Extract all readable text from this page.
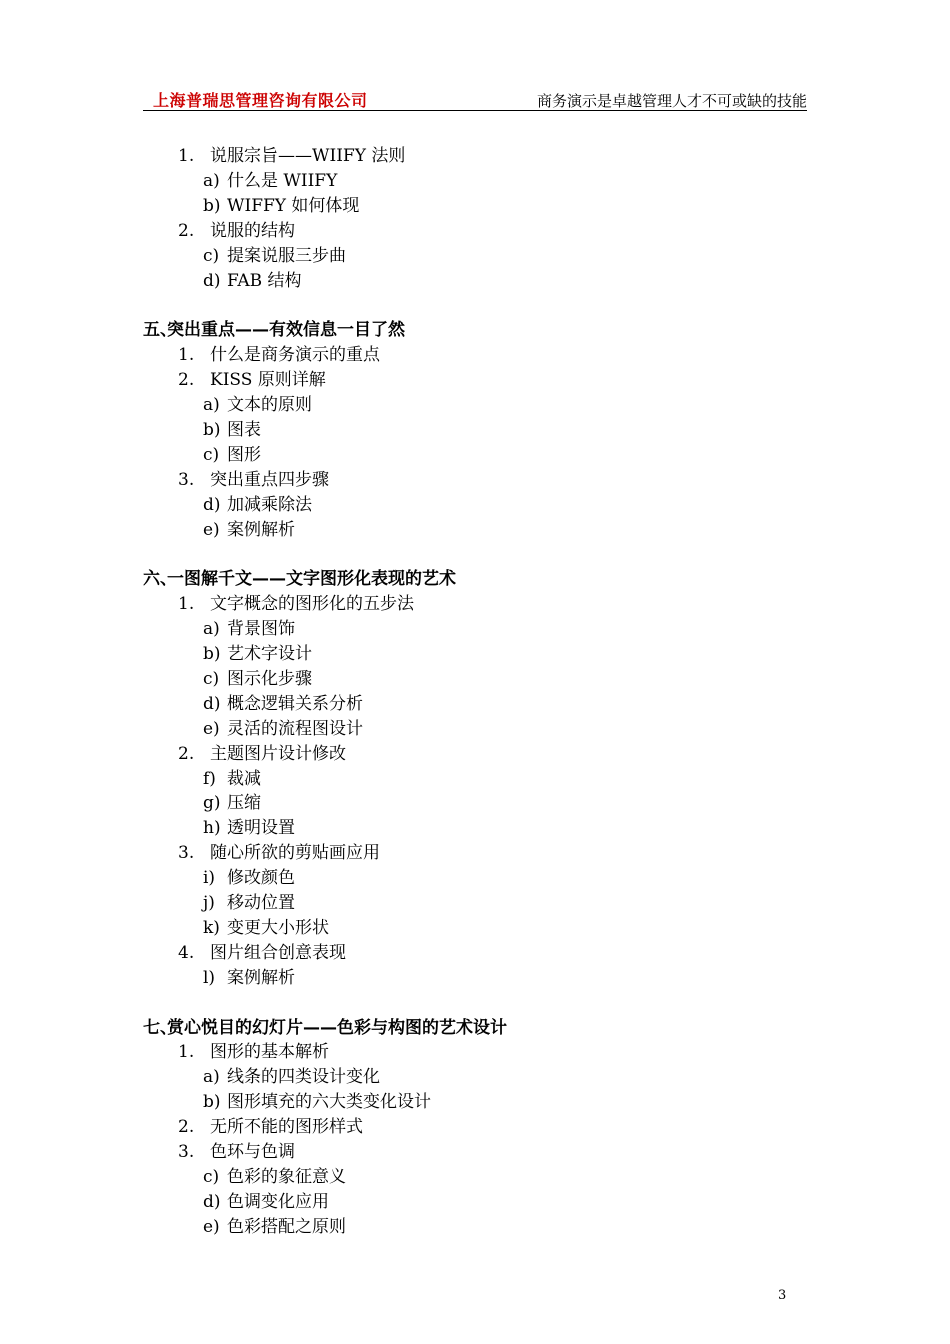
上海普瑞思管理咨询有限公司	商务演示是卓越管理人才不可或缺的技能
1. 说服宗旨——WIIFY 法则
a) 什么是 WIIFY
b) WIFFY 如何体现
2. 说服的结构
c) 提案说服三步曲
d) FAB 结构
五、突出重点——有效信息一目了然
1. 什么是商务演示的重点
2. KISS 原则详解
a) 文本的原则
b) 图表
c) 图形
3. 突出重点四步骤
d) 加减乘除法
e) 案例解析
六、一图解千文——文字图形化表现的艺术
1. 文字概念的图形化的五步法
a) 背景图饰
b) 艺术字设计
c) 图示化步骤
d) 概念逻辑关系分析
e) 灵活的流程图设计
2. 主题图片设计修改
f) 裁减
g) 压缩
h) 透明设置
3. 随心所欲的剪贴画应用
i) 修改颜色
j) 移动位置
k) 变更大小形状
4. 图片组合创意表现
l) 案例解析
七、赏心悦目的幻灯片——色彩与构图的艺术设计
1. 图形的基本解析
a) 线条的四类设计变化
b) 图形填充的六大类变化设计
2. 无所不能的图形样式
3. 色环与色调
c) 色彩的象征意义
d) 色调变化应用
e) 色彩搭配之原则
3
